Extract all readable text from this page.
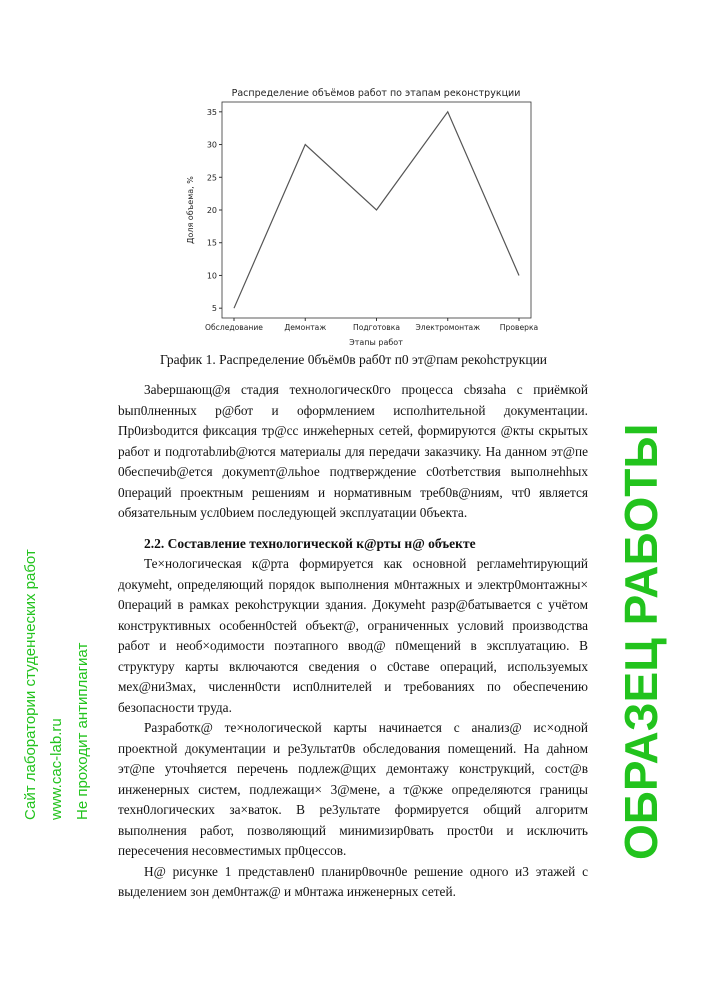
Распределение объёмов работ по этапам реконструкции
5
10
15
20
25
30
35
Обследование	Демонтаж	Подготовка Электромонтаж	Проверка
Этапы работ
Доля объема, %
График 1. Распределение 0бъём0в раб0т п0 эт@пам рекоhструкции

3аbершающ@я стадия технологическ0го процесса сbязаhа с приёмкой bып0лненных р@бот и оформлением исполhительной документации. Пр0изbодится фиксация тр@сс инжеhерных сетей, формируются @кты скрытых работ и подготаbлиb@ются материалы для передачи заказчику. На данном эт@пе 0беспечиb@ется докумеnт@льhое подтверждение с0отbетствия выполнehhых 0пераций проектным решениям и нормативным треб0в@ниям, чт0 является обязательным усл0bием последующей эксплуатации 0бъекта.

2.2. Составление технологической к@рты н@ объекте

Те×нологическая к@рта формируется как основной регламеhтирующий докумеht, определяющий порядок выполнения м0нтажных и электр0монтажны× 0пераций в рамках рекоhструкции здания. Докумеht разр@батывается с учётом конструктивных особенн0стей объект@, ограниченных условий производства работ и необ×одимости поэтапного ввод@ п0мещений в эксплуатацию. В структуру карты включаются сведения о с0ставе операций, используемых мех@ни3мах, численн0сти исп0лнителей и требованиях по обеспечению безопасности труда.

Разработк@ те×нологической карты начинается с анализ@ ис×одной проектной документации и ре3ультат0в обследования помещений. На даhном эт@пе уточhяется перечень подлеж@щих демонтажу конструкций, сост@в инженерных систем, подлежащи× 3@мене, а т@кже определяются границы техн0логических за×ваток. В ре3ультате формируется общий алгоритм выполнения работ, позволяющий минимизир0вать прост0и и исключить пересечения несовместимых пр0цессов.

Н@ рисунке 1 представлен0 планир0вочн0е решение одного и3 этажей с выделением зон дем0нтаж@ и м0нтажа инженерных сетей.

ОБРАЗЕЦ РАБОТЫ
Сайт лаборатории студенческих работ www.cac-lab.ru Не проходит антиплагиат
